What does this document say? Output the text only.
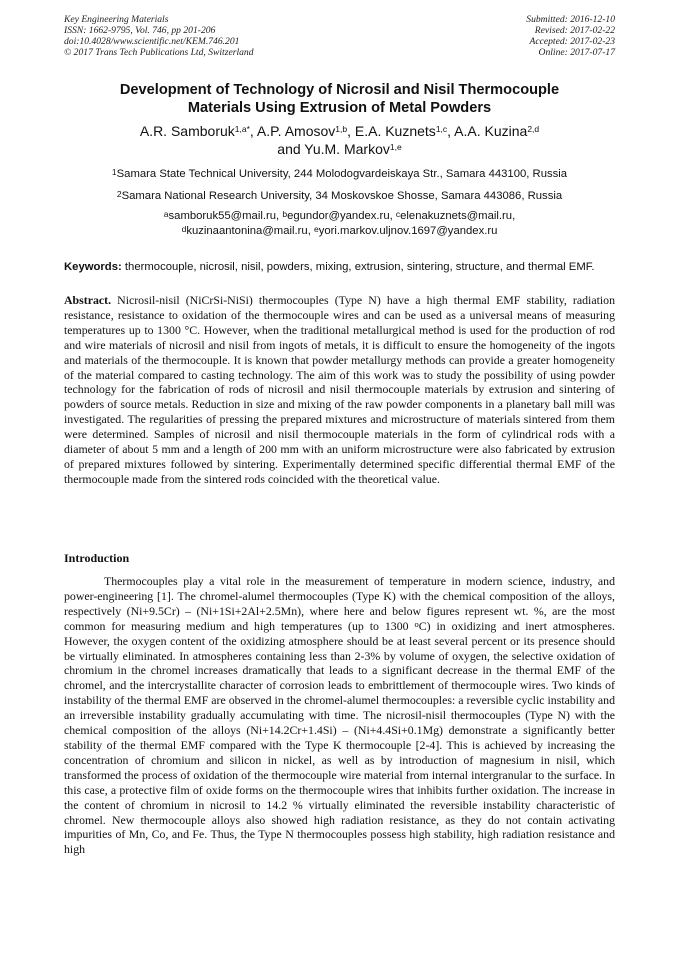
Key Engineering Materials
ISSN: 1662-9795, Vol. 746, pp 201-206
doi:10.4028/www.scientific.net/KEM.746.201
© 2017 Trans Tech Publications Ltd, Switzerland
Submitted: 2016-12-10
Revised: 2017-02-22
Accepted: 2017-02-23
Online: 2017-07-17
Development of Technology of Nicrosil and Nisil Thermocouple
Materials Using Extrusion of Metal Powders
A.R. Samboruk$^{1,a*}$, A.P. Amosov$^{1,b}$, E.A. Kuznets$^{1,c}$, A.A. Kuzina$^{2,d}$
and Yu.M. Markov$^{1,e}$
$^1$Samara State Technical University, 244 Molodogvardeiskaya Str., Samara 443100, Russia
$^2$Samara National Research University, 34 Moskovskoe Shosse, Samara 443086, Russia
$^a$samboruk55@mail.ru, $^b$egundor@yandex.ru, $^c$elenakuznets@mail.ru,
$^d$kuzinaantonina@mail.ru, $^e$yori.markov.uljnov.1697@yandex.ru
Keywords: thermocouple, nicrosil, nisil, powders, mixing, extrusion, sintering, structure, and thermal EMF.
Abstract. Nicrosil-nisil (NiCrSi-NiSi) thermocouples (Type N) have a high thermal EMF stability, radiation resistance, resistance to oxidation of the thermocouple wires and can be used as a universal means of measuring temperatures up to 1300 °C. However, when the traditional metallurgical method is used for the production of rod and wire materials of nicrosil and nisil from ingots of metals, it is difficult to ensure the homogeneity of the ingots and materials of the thermocouple. It is known that powder metallurgy methods can provide a greater homogeneity of the material compared to casting technology. The aim of this work was to study the possibility of using powder technology for the fabrication of rods of nicrosil and nisil thermocouple materials by extrusion and sintering of powders of source metals. Reduction in size and mixing of the raw powder components in a planetary ball mill was investigated. The regularities of pressing the prepared mixtures and microstructure of materials sintered from them were determined. Samples of nicrosil and nisil thermocouple materials in the form of cylindrical rods with a diameter of about 5 mm and a length of 200 mm with an uniform microstructure were also fabricated by extrusion of prepared mixtures followed by sintering. Experimentally determined specific differential thermal EMF of the thermocouple made from the sintered rods coincided with the theoretical value.
Introduction
Thermocouples play a vital role in the measurement of temperature in modern science, industry, and power-engineering [1]. The chromel-alumel thermocouples (Type K) with the chemical composition of the alloys, respectively (Ni+9.5Cr) – (Ni+1Si+2Al+2.5Mn), where here and below figures represent wt. %, are the most common for measuring medium and high temperatures (up to 1300 $^o$C) in oxidizing and inert atmospheres. However, the oxygen content of the oxidizing atmosphere should be at least several percent or its presence should be virtually eliminated. In atmospheres containing less than 2-3% by volume of oxygen, the selective oxidation of chromium in the chromel increases dramatically that leads to a significant decrease in the thermal EMF of the chromel, and the intercrystallite character of corrosion leads to embrittlement of thermocouple wires. Two kinds of instability of the thermal EMF are observed in the chromel-alumel thermocouples: a reversible cyclic instability and an irreversible instability gradually accumulating with time. The nicrosil-nisil thermocouples (Type N) with the chemical composition of the alloys (Ni+14.2Cr+1.4Si) – (Ni+4.4Si+0.1Mg) demonstrate a significantly better stability of the thermal EMF compared with the Type K thermocouple [2-4]. This is achieved by increasing the concentration of chromium and silicon in nickel, as well as by introduction of magnesium in nisil, which transformed the process of oxidation of the thermocouple wire material from internal intergranular to the surface. In this case, a protective film of oxide forms on the thermocouple wires that inhibits further oxidation. The increase in the content of chromium in nicrosil to 14.2 % virtually eliminated the reversible instability characteristic of chromel. New thermocouple alloys also showed high radiation resistance, as they do not contain activating impurities of Mn, Co, and Fe. Thus, the Type N thermocouples possess high stability, high radiation resistance and high
